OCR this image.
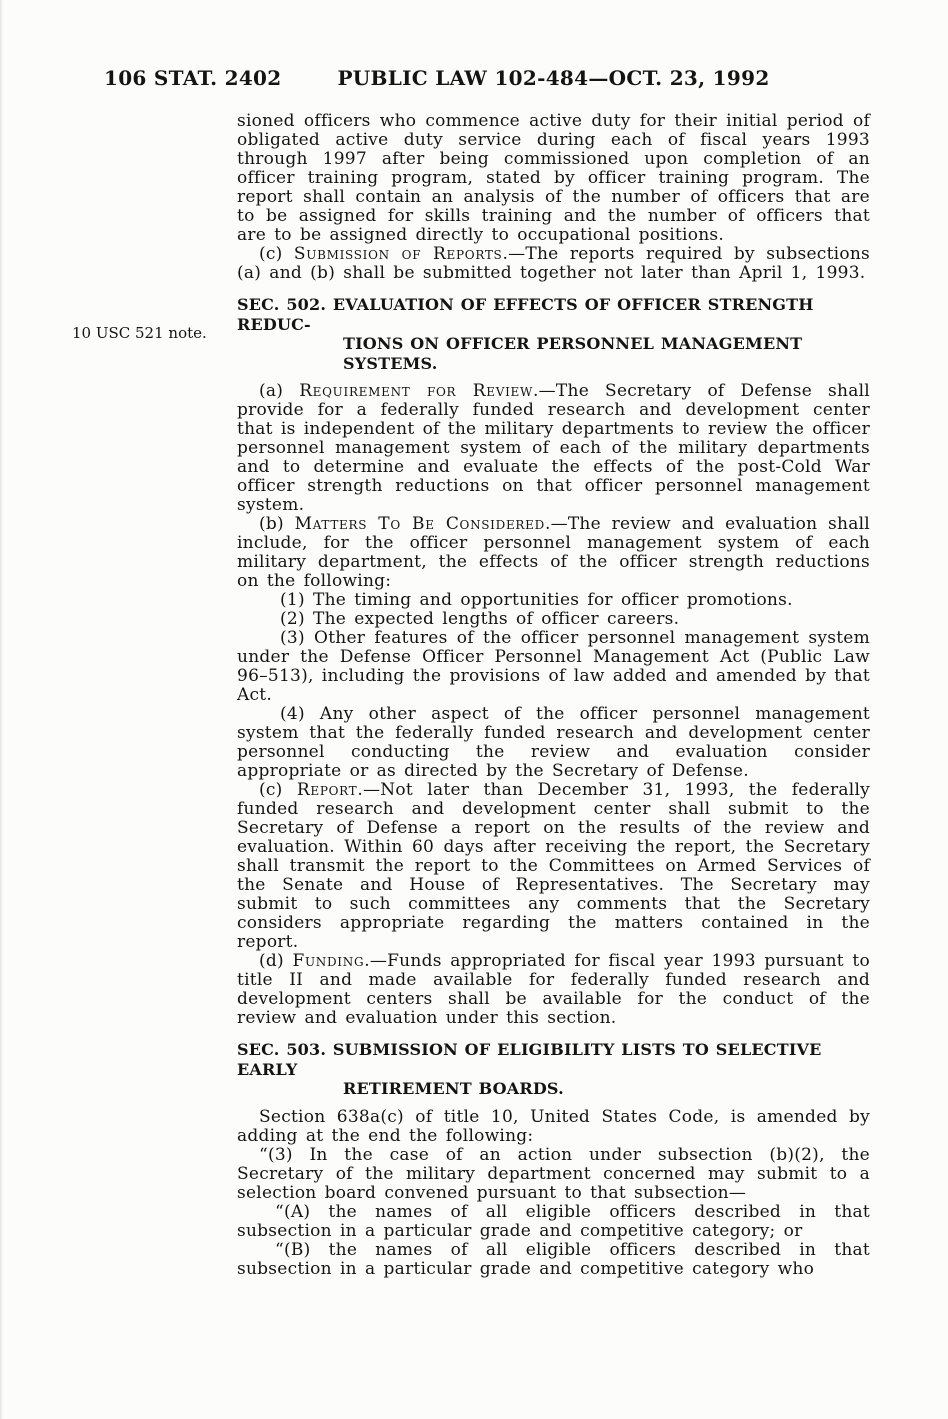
106 STAT. 2402	PUBLIC LAW 102-484—OCT. 23, 1992
10 USC 521 note.

sioned officers who commence active duty for their initial period of obligated active duty service during each of fiscal years 1993 through 1997 after being commissioned upon completion of an officer training program, stated by officer training program. The report shall contain an analysis of the number of officers that are to be assigned for skills training and the number of officers that are to be assigned directly to occupational positions.

(c) Submission of Reports.—The reports required by subsections (a) and (b) shall be submitted together not later than April 1, 1993.

SEC. 502. EVALUATION OF EFFECTS OF OFFICER STRENGTH REDUC-
TIONS ON OFFICER PERSONNEL MANAGEMENT SYSTEMS.

(a) Requirement for Review.—The Secretary of Defense shall provide for a federally funded research and development center that is independent of the military departments to review the officer personnel management system of each of the military departments and to determine and evaluate the effects of the post-Cold War officer strength reductions on that officer personnel management system.

(b) Matters To Be Considered.—The review and evaluation shall include, for the officer personnel management system of each military department, the effects of the officer strength reductions on the following:

(1) The timing and opportunities for officer promotions.

(2) The expected lengths of officer careers.

(3) Other features of the officer personnel management system under the Defense Officer Personnel Management Act (Public Law 96–513), including the provisions of law added and amended by that Act.

(4) Any other aspect of the officer personnel management system that the federally funded research and development center personnel conducting the review and evaluation consider appropriate or as directed by the Secretary of Defense.

(c) Report.—Not later than December 31, 1993, the federally funded research and development center shall submit to the Secretary of Defense a report on the results of the review and evaluation. Within 60 days after receiving the report, the Secretary shall transmit the report to the Committees on Armed Services of the Senate and House of Representatives. The Secretary may submit to such committees any comments that the Secretary considers appropriate regarding the matters contained in the report.

(d) Funding.—Funds appropriated for fiscal year 1993 pursuant to title II and made available for federally funded research and development centers shall be available for the conduct of the review and evaluation under this section.

SEC. 503. SUBMISSION OF ELIGIBILITY LISTS TO SELECTIVE EARLY
RETIREMENT BOARDS.

Section 638a(c) of title 10, United States Code, is amended by adding at the end the following:

“(3) In the case of an action under subsection (b)(2), the Secretary of the military department concerned may submit to a selection board convened pursuant to that subsection—

“(A) the names of all eligible officers described in that subsection in a particular grade and competitive category; or

“(B) the names of all eligible officers described in that subsection in a particular grade and competitive category who
